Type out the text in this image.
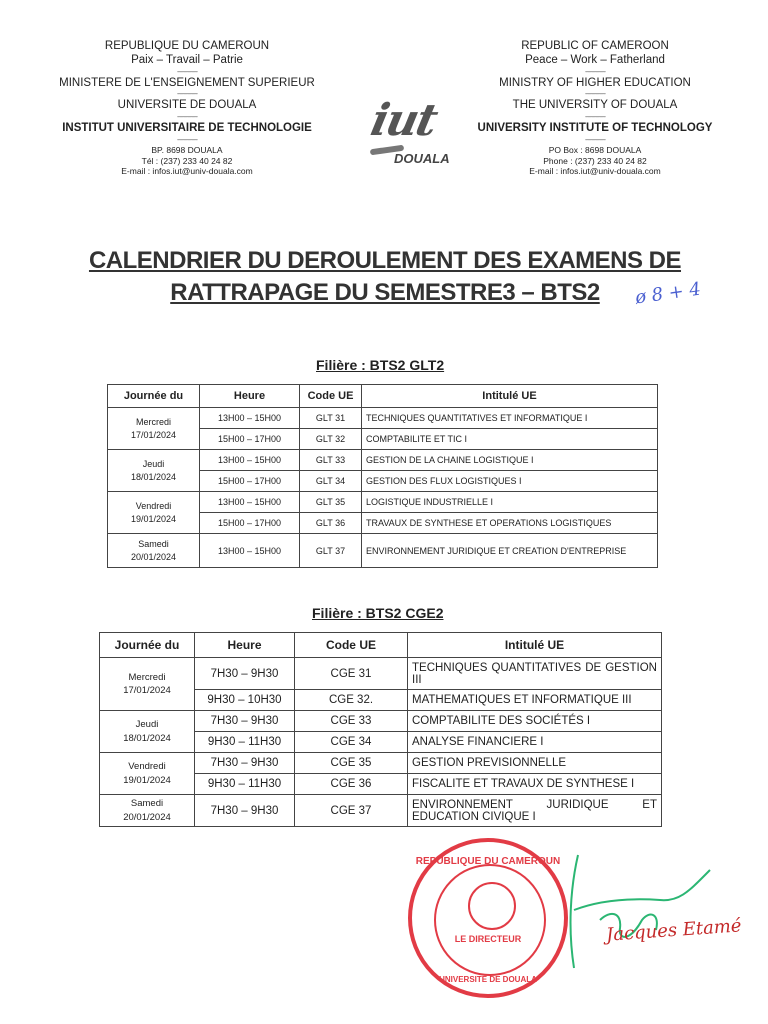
REPUBLIQUE DU CAMEROUN

Paix – Travail – Patrie

---------------

MINISTERE DE L'ENSEIGNEMENT SUPERIEUR

---------------

UNIVERSITE DE DOUALA

---------------

INSTITUT UNIVERSITAIRE DE TECHNOLOGIE

---------------

BP. 8698 DOUALA

Tél : (237) 233 40 24 82

E-mail : infos.iut@univ-douala.com

REPUBLIC OF CAMEROON

Peace – Work – Fatherland

---------------

MINISTRY OF HIGHER EDUCATION

---------------

THE UNIVERSITY OF DOUALA

---------------

UNIVERSITY INSTITUTE OF TECHNOLOGY

---------------

PO Box : 8698 DOUALA

Phone : (237) 233 40 24 82

E-mail : infos.iut@univ-douala.com

iut
DOUALA
CALENDRIER DU DEROULEMENT DES EXAMENS DE
RATTRAPAGE DU SEMESTRE3 – BTS2	ø 8 + 4
Filière : BTS2 GLT2
Journée du	Heure	Code UE	Intitulé UE
Mercredi
17/01/2024	13H00 – 15H00	GLT 31	TECHNIQUES QUANTITATIVES ET INFORMATIQUE I
	15H00 – 17H00	GLT 32	COMPTABILITE ET TIC I
Jeudi
18/01/2024	13H00 – 15H00	GLT 33	GESTION DE LA CHAINE LOGISTIQUE I
	15H00 – 17H00	GLT 34	GESTION DES FLUX LOGISTIQUES I
Vendredi
19/01/2024	13H00 – 15H00	GLT 35	LOGISTIQUE INDUSTRIELLE I
	15H00 – 17H00	GLT 36	TRAVAUX DE SYNTHESE ET OPERATIONS LOGISTIQUES
Samedi
20/01/2024	13H00 – 15H00	GLT 37	ENVIRONNEMENT JURIDIQUE ET CREATION D'ENTREPRISE
Filière : BTS2 CGE2
Journée du	Heure	Code UE	Intitulé UE
Mercredi
17/01/2024	7H30 – 9H30	CGE 31	TECHNIQUES QUANTITATIVES DE GESTION III
	9H30 – 10H30	CGE 32.	MATHEMATIQUES ET INFORMATIQUE III
Jeudi
18/01/2024	7H30 – 9H30	CGE 33	COMPTABILITE DES SOCIÉTÉS I
	9H30 – 11H30	CGE 34	ANALYSE FINANCIERE I
Vendredi
19/01/2024	7H30 – 9H30	CGE 35	GESTION PREVISIONNELLE
	9H30 – 11H30	CGE 36	FISCALITE ET TRAVAUX DE SYNTHESE I
Samedi
20/01/2024	7H30 – 9H30	CGE 37	ENVIRONNEMENT JURIDIQUE ET EDUCATION CIVIQUE I
REPUBLIQUE DU CAMEROUN
LE DIRECTEUR
UNIVERSITE DE DOUALA
Jacques Etamé
